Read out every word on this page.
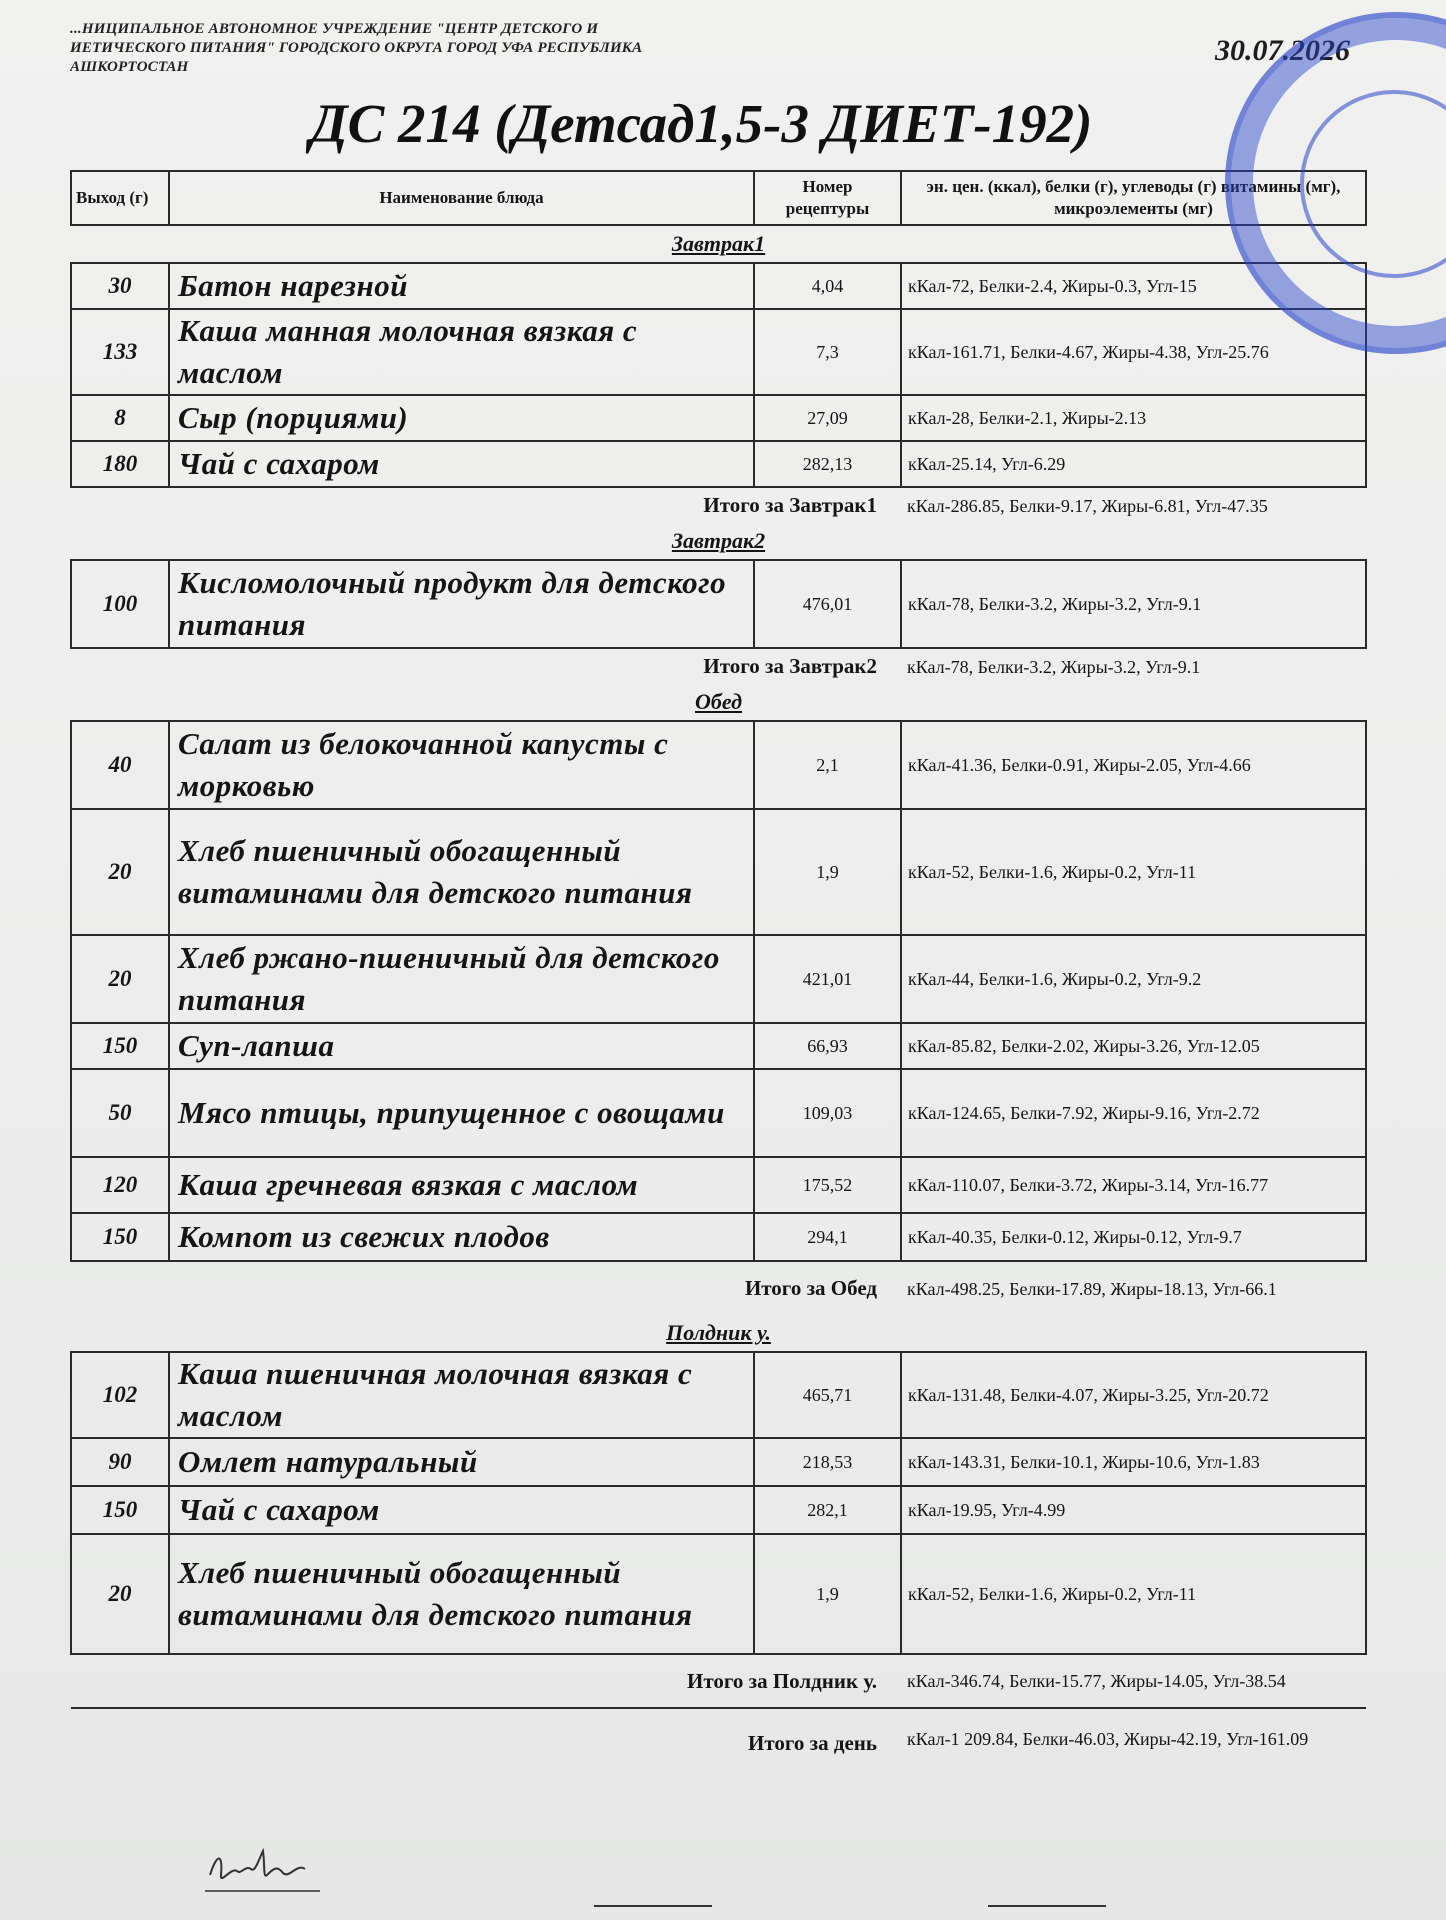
...НИЦИПАЛЬНОЕ АВТОНОМНОЕ УЧРЕЖДЕНИЕ "ЦЕНТР ДЕТСКОГО И
ИЕТИЧЕСКОГО ПИТАНИЯ" ГОРОДСКОГО ОКРУГА ГОРОД УФА РЕСПУБЛИКА
АШКОРТОСТАН	30.07.2026
ДС 214 (Детсад1,5-3 ДИЕТ-192)
Выход (г)	Наименование блюда	Номер рецептуры	эн. цен. (ккал), белки (г), углеводы (г) витамины (мг), микроэлементы (мг)
Завтрак1			
30	Батон нарезной	4,04	кКал-72, Белки-2.4, Жиры-0.3, Угл-15
133	Каша манная молочная вязкая с маслом	7,3	кКал-161.71, Белки-4.67, Жиры-4.38, Угл-25.76
8	Сыр (порциями)	27,09	кКал-28, Белки-2.1, Жиры-2.13
180	Чай с сахаром	282,13	кКал-25.14, Угл-6.29
Итого за Завтрак1			кКал-286.85, Белки-9.17, Жиры-6.81, Угл-47.35
Завтрак2			
100	Кисломолочный продукт для детского питания	476,01	кКал-78, Белки-3.2, Жиры-3.2, Угл-9.1
Итого за Завтрак2			кКал-78, Белки-3.2, Жиры-3.2, Угл-9.1
Обед			
40	Салат из белокочанной капусты с морковью	2,1	кКал-41.36, Белки-0.91, Жиры-2.05, Угл-4.66
20	Хлеб пшеничный обогащенный витаминами для детского питания	1,9	кКал-52, Белки-1.6, Жиры-0.2, Угл-11
20	Хлеб ржано-пшеничный для детского питания	421,01	кКал-44, Белки-1.6, Жиры-0.2, Угл-9.2
150	Суп-лапша	66,93	кКал-85.82, Белки-2.02, Жиры-3.26, Угл-12.05
50	Мясо птицы, припущенное с овощами	109,03	кКал-124.65, Белки-7.92, Жиры-9.16, Угл-2.72
120	Каша гречневая вязкая с маслом	175,52	кКал-110.07, Белки-3.72, Жиры-3.14, Угл-16.77
150	Компот из свежих плодов	294,1	кКал-40.35, Белки-0.12, Жиры-0.12, Угл-9.7
Итого за Обед			кКал-498.25, Белки-17.89, Жиры-18.13, Угл-66.1
Полдник у.			
102	Каша пшеничная молочная вязкая с маслом	465,71	кКал-131.48, Белки-4.07, Жиры-3.25, Угл-20.72
90	Омлет натуральный	218,53	кКал-143.31, Белки-10.1, Жиры-10.6, Угл-1.83
150	Чай с сахаром	282,1	кКал-19.95, Угл-4.99
20	Хлеб пшеничный обогащенный витаминами для детского питания	1,9	кКал-52, Белки-1.6, Жиры-0.2, Угл-11
Итого за Полдник у.			кКал-346.74, Белки-15.77, Жиры-14.05, Угл-38.54
Итого за день			кКал-1 209.84, Белки-46.03, Жиры-42.19, Угл-161.09
